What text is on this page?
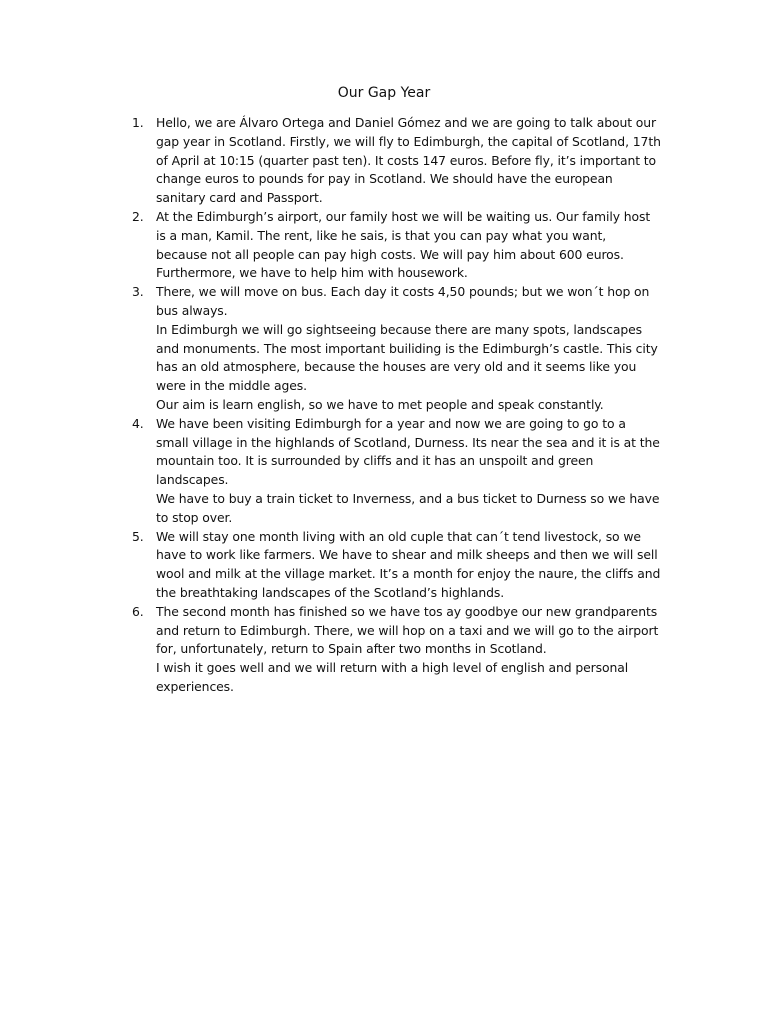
Our Gap Year
1. Hello, we are Álvaro Ortega and Daniel Gómez and we are going to talk about our gap year in Scotland. Firstly, we will fly to Edimburgh, the capital of Scotland, 17th of April at 10:15 (quarter past ten). It costs 147 euros. Before fly, it’s important to change euros to pounds for pay in Scotland. We should have the european sanitary card and Passport.
2. At the Edimburgh’s airport, our family host we will be waiting us. Our family host is a man, Kamil. The rent, like he sais, is that you can pay what you want, because not all people can pay high costs. We will pay him about 600 euros. Furthermore, we have to help him with housework.
3. There, we will move on bus. Each day it costs 4,50 pounds; but we won´t hop on bus always.
In Edimburgh we will go sightseeing because there are many spots, landscapes and monuments. The most important builiding is the Edimburgh’s castle. This city has an old atmosphere, because the houses are very old and it seems like you were in the middle ages.
Our aim is learn english, so we have to met people and speak constantly.
4. We have been visiting Edimburgh for a year and now we are going to go to a small village in the highlands of Scotland, Durness. Its near the sea and it is at the mountain too. It is surrounded by cliffs and it has an unspoilt and green landscapes.
We have to buy a train ticket to Inverness, and a bus ticket to Durness so we have to stop over.
5. We will stay one month living with an old cuple that can´t tend livestock, so we have to work like farmers. We have to shear and milk sheeps and then we will sell wool and milk at the village market. It’s a month for enjoy the naure, the cliffs and the breathtaking landscapes of the Scotland’s highlands.
6. The second month has finished so we have tos ay goodbye our new grandparents and return to Edimburgh. There, we will hop on a taxi and we will go to the airport for, unfortunately, return to Spain after two months in Scotland.
I wish it goes well and we will return with a high level of english and personal experiences.
